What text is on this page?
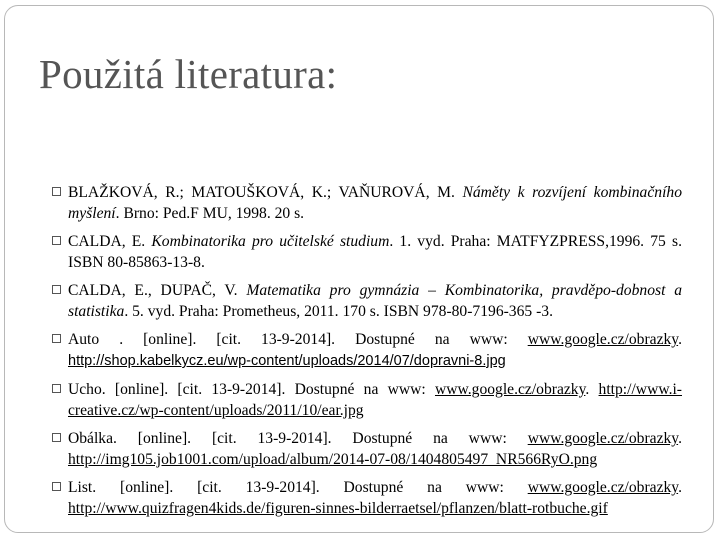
Použitá literatura:
BLAŽKOVÁ, R.; MATOUŠKOVÁ, K.; VAŇUROVÁ, M. Náměty k rozvíjení kombinačního myšlení. Brno: Ped.F MU, 1998. 20 s.
CALDA, E. Kombinatorika pro učitelské studium. 1. vyd. Praha: MATFYZPRESS,1996. 75 s. ISBN 80-85863-13-8.
CALDA, E., DUPAČ, V. Matematika pro gymnázia – Kombinatorika, pravděpo-dobnost a statistika. 5. vyd. Praha: Prometheus, 2011. 170 s. ISBN 978-80-7196-365 -3.
Auto . [online]. [cit. 13-9-2014]. Dostupné na www: www.google.cz/obrazky. http://shop.kabelkycz.eu/wp-content/uploads/2014/07/dopravni-8.jpg
Ucho. [online]. [cit. 13-9-2014]. Dostupné na www: www.google.cz/obrazky. http://www.i-creative.cz/wp-content/uploads/2011/10/ear.jpg
Obálka. [online]. [cit. 13-9-2014]. Dostupné na www: www.google.cz/obrazky. http://img105.job1001.com/upload/album/2014-07-08/1404805497_NR566RyO.png
List. [online]. [cit. 13-9-2014]. Dostupné na www: www.google.cz/obrazky. http://www.quizfragen4kids.de/figuren-sinnes-bilderraetsel/pflanzen/blatt-rotbuche.gif
